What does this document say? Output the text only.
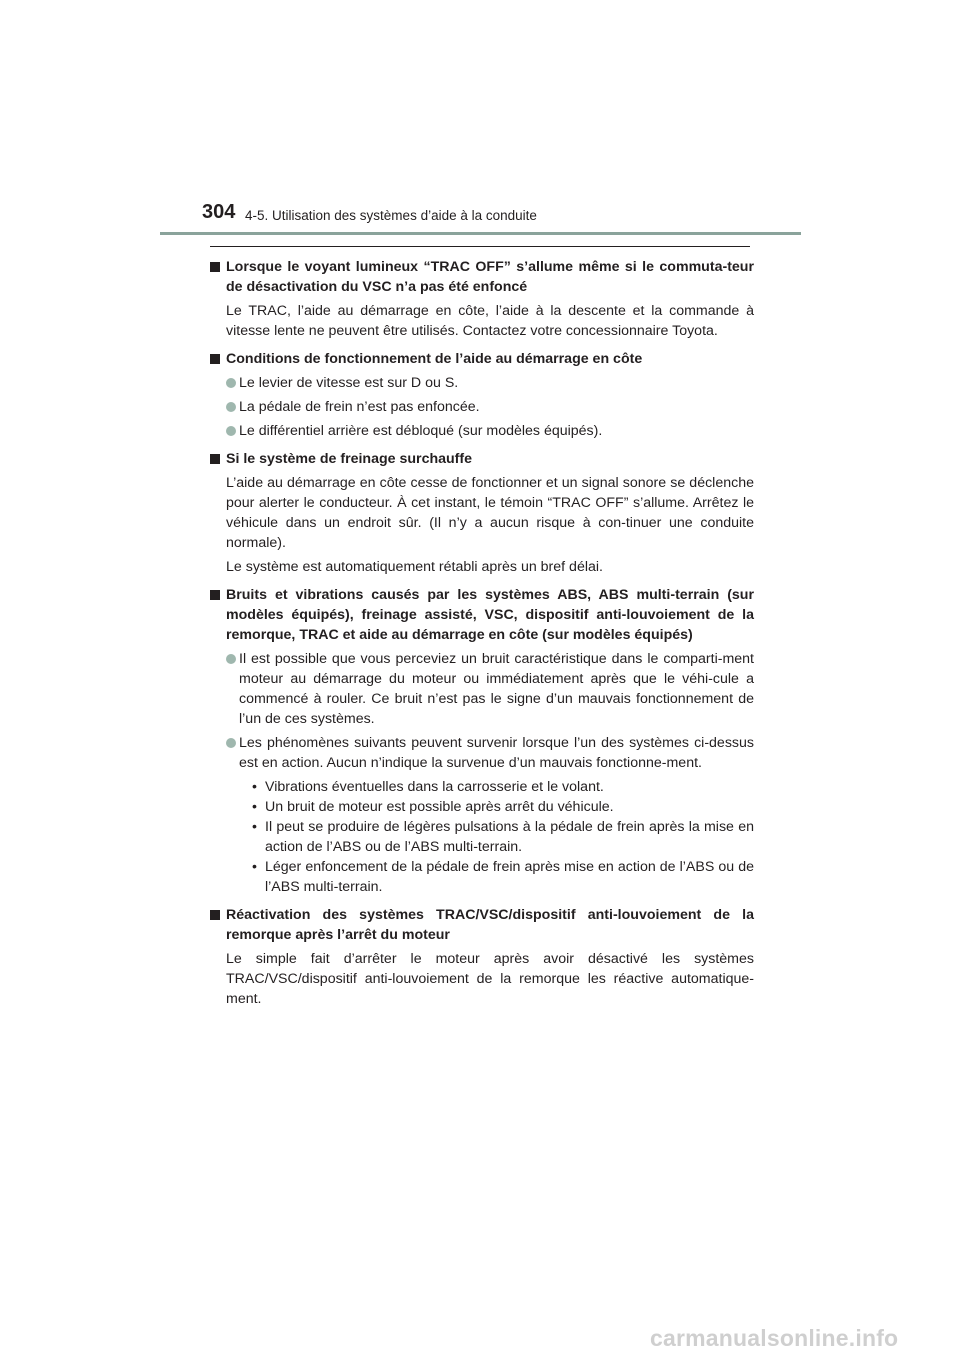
304 4-5. Utilisation des systèmes d’aide à la conduite
Lorsque le voyant lumineux “TRAC OFF” s’allume même si le commuta-teur de désactivation du VSC n’a pas été enfoncé
Le TRAC, l’aide au démarrage en côte, l’aide à la descente et la commande à vitesse lente ne peuvent être utilisés. Contactez votre concessionnaire Toyota.
Conditions de fonctionnement de l’aide au démarrage en côte
Le levier de vitesse est sur D ou S.
La pédale de frein n’est pas enfoncée.
Le différentiel arrière est débloqué (sur modèles équipés).
Si le système de freinage surchauffe
L’aide au démarrage en côte cesse de fonctionner et un signal sonore se déclenche pour alerter le conducteur. À cet instant, le témoin “TRAC OFF” s’allume. Arrêtez le véhicule dans un endroit sûr. (Il n’y a aucun risque à con-tinuer une conduite normale).
Le système est automatiquement rétabli après un bref délai.
Bruits et vibrations causés par les systèmes ABS, ABS multi-terrain (sur modèles équipés), freinage assisté, VSC, dispositif anti-louvoiement de la remorque, TRAC et aide au démarrage en côte (sur modèles équipés)
Il est possible que vous perceviez un bruit caractéristique dans le comparti-ment moteur au démarrage du moteur ou immédiatement après que le véhi-cule a commencé à rouler. Ce bruit n’est pas le signe d’un mauvais fonctionnement de l’un de ces systèmes.
Les phénomènes suivants peuvent survenir lorsque l’un des systèmes ci-dessus est en action. Aucun n’indique la survenue d’un mauvais fonctionne-ment.
• Vibrations éventuelles dans la carrosserie et le volant.
• Un bruit de moteur est possible après arrêt du véhicule.
• Il peut se produire de légères pulsations à la pédale de frein après la mise en action de l’ABS ou de l’ABS multi-terrain.
• Léger enfoncement de la pédale de frein après mise en action de l’ABS ou de l’ABS multi-terrain.
Réactivation des systèmes TRAC/VSC/dispositif anti-louvoiement de la remorque après l’arrêt du moteur
Le simple fait d’arrêter le moteur après avoir désactivé les systèmes TRAC/VSC/dispositif anti-louvoiement de la remorque les réactive automatique-ment.
carmanualsonline.info
